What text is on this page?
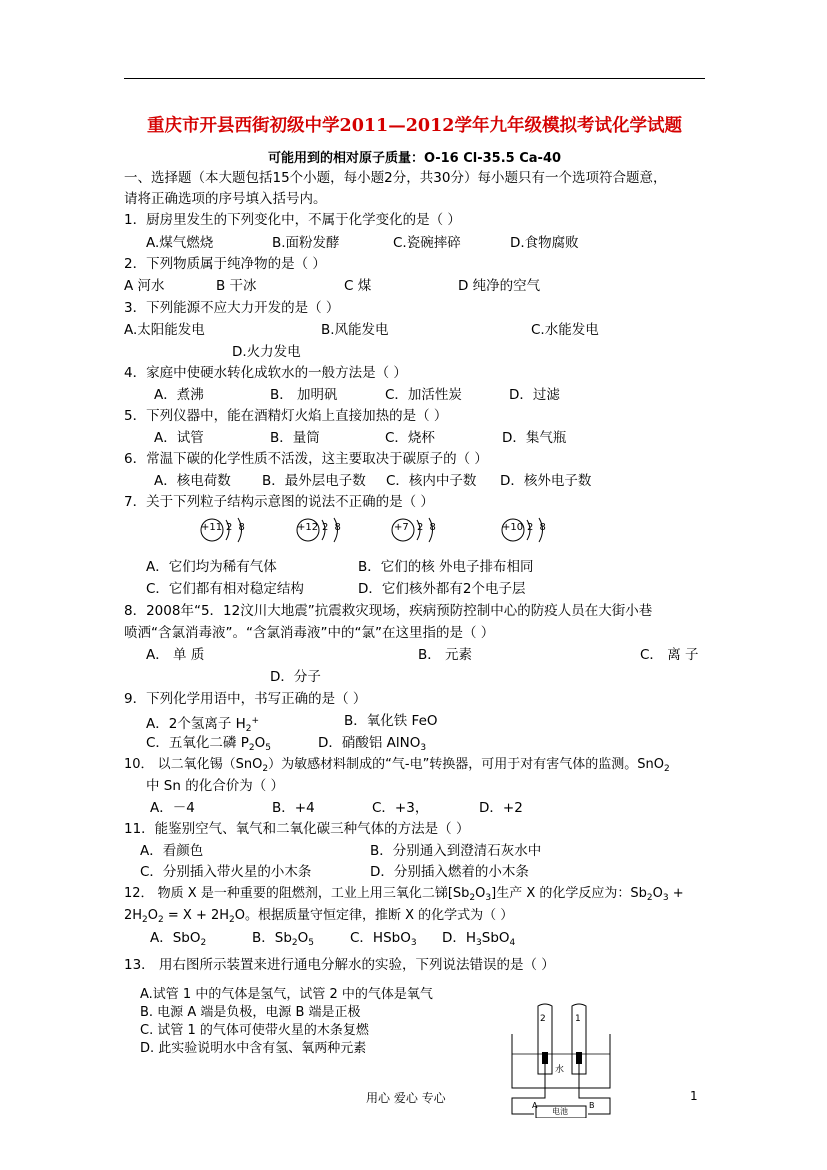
重庆市开县西街初级中学2011—2012学年九年级模拟考试化学试题
可能用到的相对原子质量：O-16 Cl-35.5 Ca-40
一、选择题（本大题包括15个小题，每小题2分，共30分）每小题只有一个选项符合题意，
请将正确选项的序号填入括号内。
1．厨房里发生的下列变化中，不属于化学变化的是（ ）
A.煤气燃烧	B.面粉发酵	C.瓷碗摔碎	D.食物腐败
2．下列物质属于纯净物的是（ ）
A 河水	B 干冰	C 煤	D 纯净的空气
3．下列能源不应大力开发的是（ ）
A.太阳能发电	B.风能发电	C.水能发电
D.火力发电
4．家庭中使硬水转化成软水的一般方法是（ ）
A．煮沸	B． 加明矾	C．加活性炭	D．过滤
5．下列仪器中，能在酒精灯火焰上直接加热的是（ ）
A．试管	B．量筒	C．烧杯	D．集气瓶
6．常温下碳的化学性质不活泼，这主要取决于碳原子的（ ）
A．核电荷数 B．最外层电子数 C．核内中子数 D．核外电子数
7．关于下列粒子结构示意图的说法不正确的是（ ）
+11 2 8	+12 2 8	+7 2 8	+10 2 8
A．它们均为稀有气体	B．它们的核 外电子排布相同
C．它们都有相对稳定结构	D．它们核外都有2个电子层
8．2008年“5．12汶川大地震”抗震救灾现场，疾病预防控制中心的防疫人员在大街小巷
喷洒“含氯消毒液”。“含氯消毒液”中的“氯”在这里指的是（ ）
A． 单 质	B． 元素	C． 离 子
D．分子
9．下列化学用语中，书写正确的是（ ）
A．2个氢离子 $H_2^+$	B．氧化铁 FeO
C．五氧化二磷 $P_2O_5$	D．硝酸铝 AlNO$_3$
10． 以二氧化锡（SnO$_2$）为敏感材料制成的“气-电”转换器，可用于对有害气体的监测。SnO$_2$
中 Sn 的化合价为（ ）
A．－4	B．+4	C．+3，	D．+2
11．能鉴别空气、氧气和二氧化碳三种气体的方法是（ ）
A．看颜色	B．分别通入到澄清石灰水中
C．分别插入带火星的小木条	D．分别插入燃着的小木条
12． 物质 X 是一种重要的阻燃剂，工业上用三氧化二锑$[Sb_2O_3]$生产 X 的化学反应为：$Sb_2O_3$ +
$2H_2O_2 = X + 2H_2O$。根据质量守恒定律，推断 X 的化学式为（ ）
A．SbO$_2$	B．$Sb_2O_5$	C．HSbO$_3$ D．$H_3SbO_4$
13． 用右图所示装置来进行通电分解水的实验，下列说法错误的是（ ）
A.试管 1 中的气体是氢气，试管 2 中的气体是氧气
B. 电源 A 端是负极，电源 B 端是正极
C. 试管 1 的气体可使带火星的木条复燃
D. 此实验说明水中含有氢、氧两种元素
2	1
水
A	B
电池
用心 爱心 专心	1
